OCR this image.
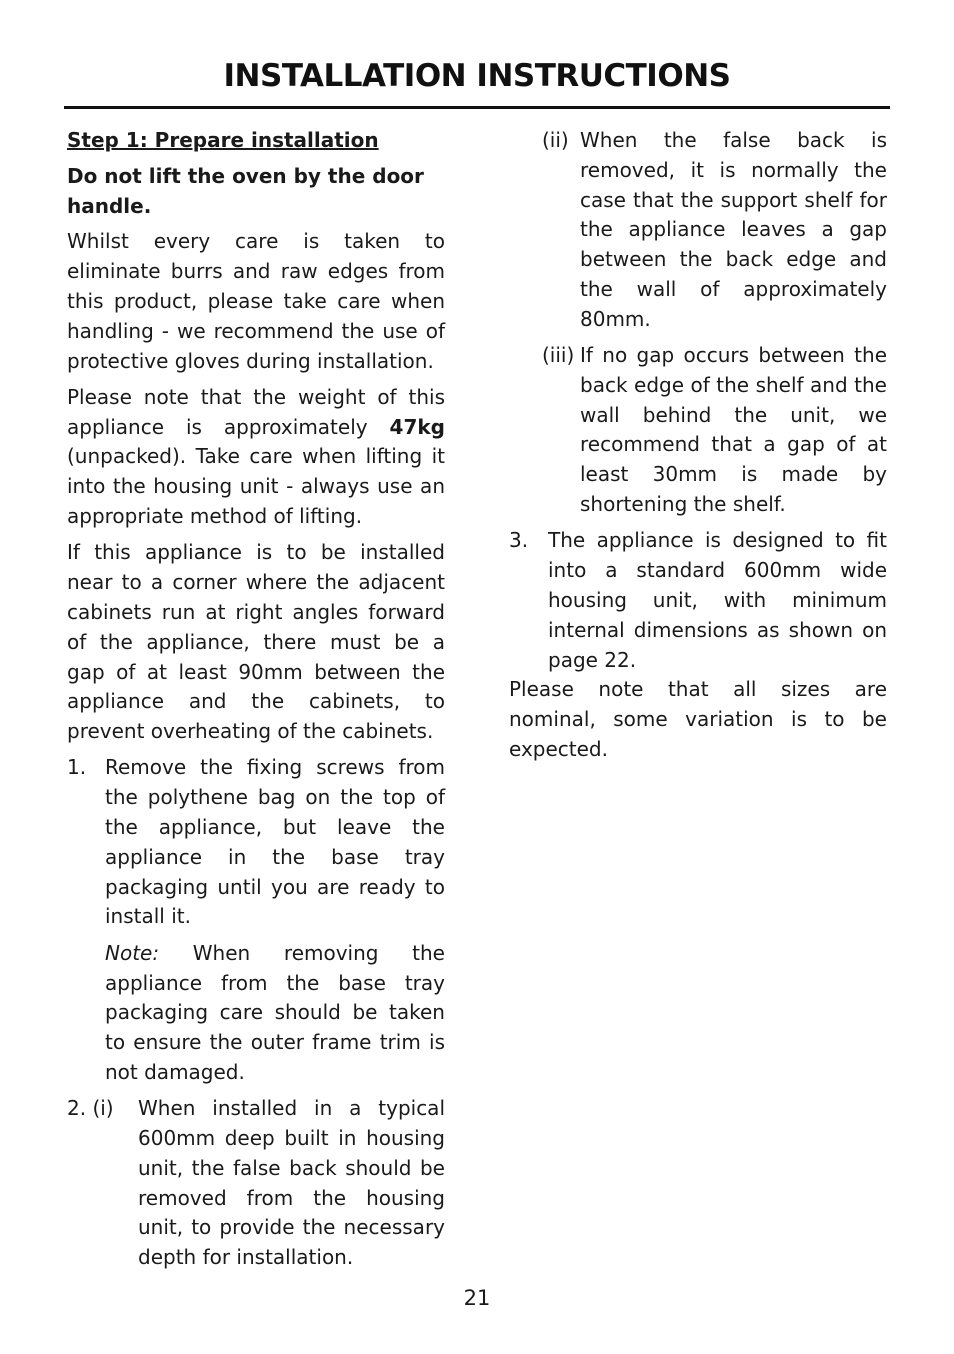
INSTALLATION INSTRUCTIONS

Step 1: Prepare installation

Do not lift the oven by the door handle.

Whilst every care is taken to eliminate burrs and raw edges from this product, please take care when handling - we recommend the use of protective gloves during installation.

Please note that the weight of this appliance is approximately 47kg (unpacked). Take care when lifting it into the housing unit - always use an appropriate method of lifting.

If this appliance is to be installed near to a corner where the adjacent cabinets run at right angles forward of the appliance, there must be a gap of at least 90mm between the appliance and the cabinets, to prevent overheating of the cabinets.

1. Remove the fixing screws from the polythene bag on the top of the appliance, but leave the appliance in the base tray packaging until you are ready to install it.

Note: When removing the appliance from the base tray packaging care should be taken to ensure the outer frame trim is not damaged.

2. (i) When installed in a typical 600mm deep built in housing unit, the false back should be removed from the housing unit, to provide the necessary depth for installation.
(ii) When the false back is removed, it is normally the case that the support shelf for the appliance leaves a gap between the back edge and the wall of approximately 80mm.
(iii) If no gap occurs between the back edge of the shelf and the wall behind the unit, we recommend that a gap of at least 30mm is made by shortening the shelf.
3. The appliance is designed to fit into a standard 600mm wide housing unit, with minimum internal dimensions as shown on page 22.

Please note that all sizes are nominal, some variation is to be expected.

21
